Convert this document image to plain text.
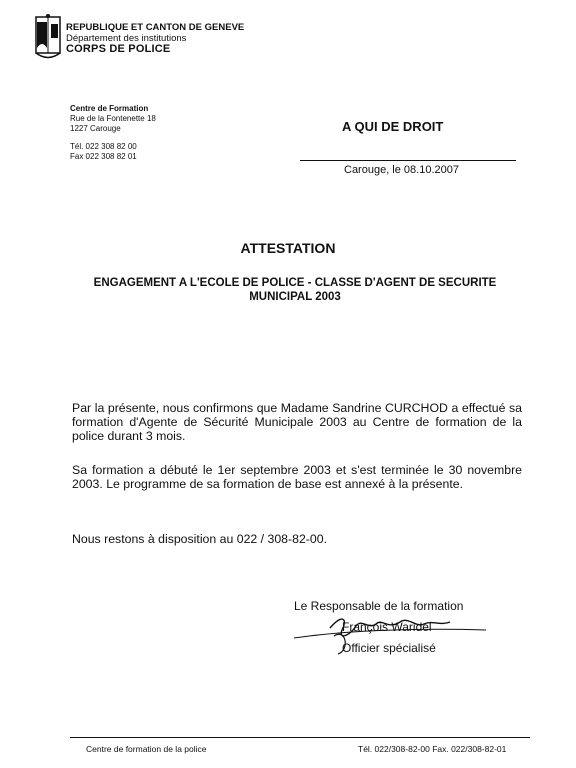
REPUBLIQUE ET CANTON DE GENEVE
Département des institutions
CORPS DE POLICE
Centre de Formation
Rue de la Fontenette 18
1227 Carouge
Tél. 022 308 82 00
Fax 022 308 82 01
A QUI DE DROIT
Carouge, le 08.10.2007
ATTESTATION
ENGAGEMENT A L'ECOLE DE POLICE - CLASSE D'AGENT DE SECURITE
MUNICIPAL 2003
Par la présente, nous confirmons que Madame Sandrine CURCHOD a effectué sa formation d'Agente de Sécurité Municipale 2003 au Centre de formation de la police durant 3 mois.
Sa formation a débuté le 1er septembre 2003 et s'est terminée le 30 novembre 2003. Le programme de sa formation de base est annexé à la présente.
Nous restons à disposition au 022 / 308-82-00.
Le Responsable de la formation
François Waridel
Officier spécialisé
Centre de formation de la police	Tél. 022/308-82-00 Fax. 022/308-82-01
